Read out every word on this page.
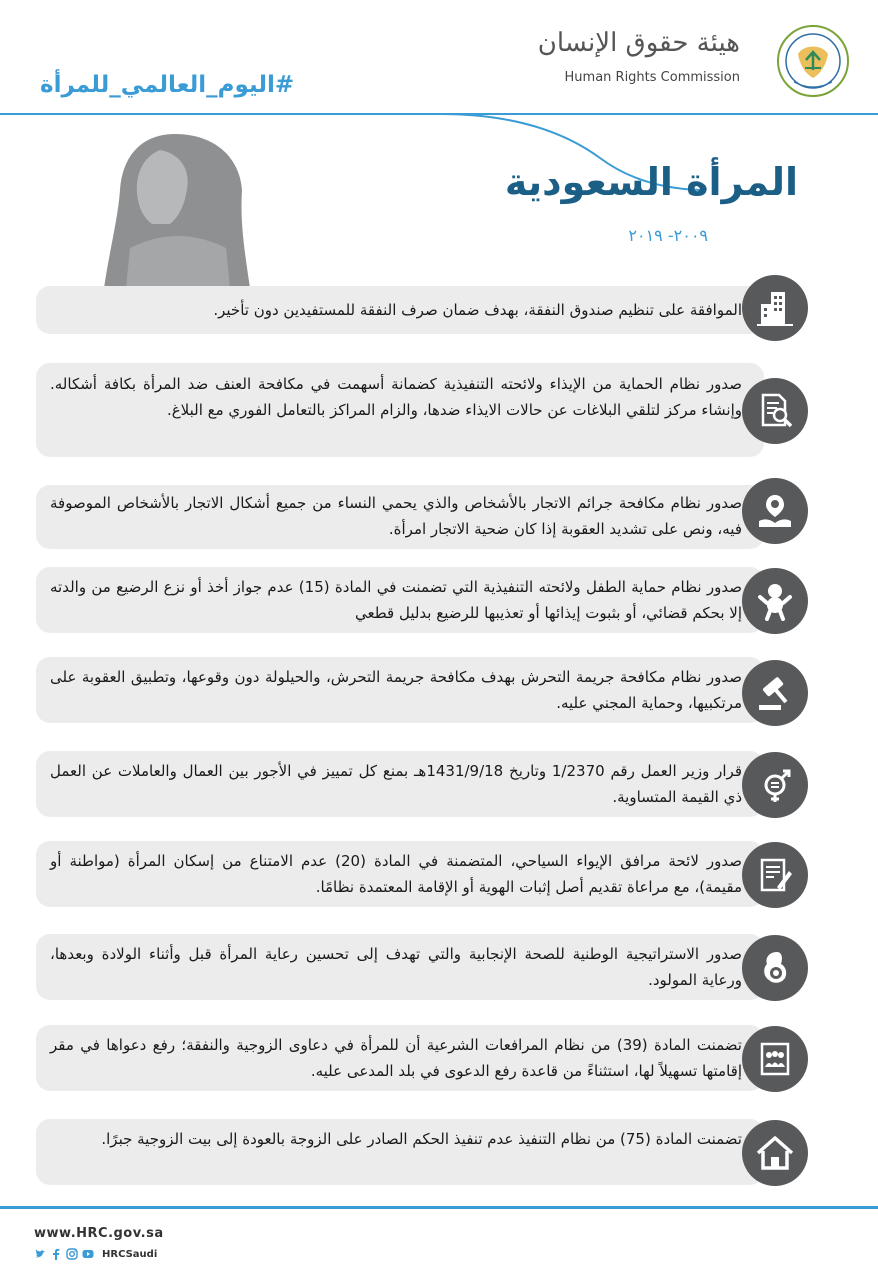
#اليوم_العالمي_للمرأة
هيئة حقوق الإنسان
Human Rights Commission
المرأة السعودية
٢٠٠٩- ٢٠١٩
الموافقة على تنظيم صندوق النفقة، بهدف ضمان صرف النفقة للمستفيدين دون تأخير.
صدور نظام الحماية من الإيذاء ولائحته التنفيذية كضمانة أسهمت في مكافحة العنف ضد المرأة بكافة أشكاله. وإنشاء مركز لتلقي البلاغات عن حالات الايذاء ضدها، والزام المراكز بالتعامل الفوري مع البلاغ.
صدور نظام مكافحة جرائم الاتجار بالأشخاص والذي يحمي النساء من جميع أشكال الاتجار بالأشخاص الموصوفة فيه، ونص على تشديد العقوبة إذا كان ضحية الاتجار امرأة.
صدور نظام حماية الطفل ولائحته التنفيذية التي تضمنت في المادة (15) عدم جواز أخذ أو نزع الرضيع من والدته إلا بحكم قضائي، أو بثبوت إيذائها أو تعذيبها للرضيع بدليل قطعي
صدور نظام مكافحة جريمة التحرش بهدف مكافحة جريمة التحرش، والحيلولة دون وقوعها، وتطبيق العقوبة على مرتكبيها، وحماية المجني عليه.
قرار وزير العمل رقم 1/2370 وتاريخ 1431/9/18هـ بمنع كل تمييز في الأجور بين العمال والعاملات عن العمل ذي القيمة المتساوية.
صدور لائحة مرافق الإيواء السياحي، المتضمنة في المادة (20) عدم الامتناع من إسكان المرأة (مواطنة أو مقيمة)، مع مراعاة تقديم أصل إثبات الهوية أو الإقامة المعتمدة نظامًا.
صدور الاستراتيجية الوطنية للصحة الإنجابية والتي تهدف إلى تحسين رعاية المرأة قبل وأثناء الولادة وبعدها، ورعاية المولود.
تضمنت المادة (39) من نظام المرافعات الشرعية أن للمرأة في دعاوى الزوجية والنفقة؛ رفع دعواها في مقر إقامتها تسهيلاً لها، استثناءً من قاعدة رفع الدعوى في بلد المدعى عليه.
تضمنت المادة (75) من نظام التنفيذ عدم تنفيذ الحكم الصادر على الزوجة بالعودة إلى بيت الزوجية جبرًا.
www.HRC.gov.sa
HRCSaudi
